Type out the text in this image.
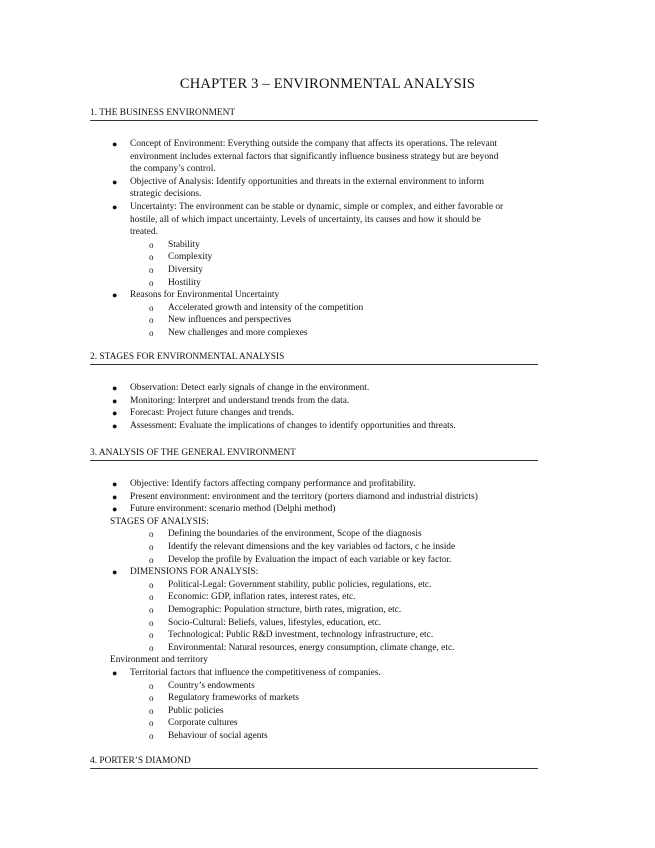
CHAPTER 3 – ENVIRONMENTAL ANALYSIS
1. THE BUSINESS ENVIRONMENT
● Concept of Environment: Everything outside the company that affects its operations. The relevant
environment includes external factors that significantly influence business strategy but are beyond
the company’s control.
● Objective of Analysis: Identify opportunities and threats in the external environment to inform
strategic decisions.
● Uncertainty: The environment can be stable or dynamic, simple or complex, and either favorable or
hostile, all of which impact uncertainty. Levels of uncertainty, its causes and how it should be
treated.
o Stability
o Complexity
o Diversity
o Hostility
● Reasons for Environmental Uncertainty
o Accelerated growth and intensity of the competition
o New influences and perspectives
o New challenges and more complexes
2. STAGES FOR ENVIRONMENTAL ANALYSIS
● Observation: Detect early signals of change in the environment.
● Monitoring: Interpret and understand trends from the data.
● Forecast: Project future changes and trends.
● Assessment: Evaluate the implications of changes to identify opportunities and threats.
3. ANALYSIS OF THE GENERAL ENVIRONMENT
● Objective: Identify factors affecting company performance and profitability.
● Present environment: environment and the territory (porters diamond and industrial districts)
● Future environment: scenario method (Delphi method)
STAGES OF ANALYSIS:
o Defining the boundaries of the environment, Scope of the diagnosis
o Identify the relevant dimensions and the key variables od factors, c he inside
o Develop the profile by Evaluation the impact of each variable or key factor.
● DIMENSIONS FOR ANALYSIS:
o Political-Legal: Government stability, public policies, regulations, etc.
o Economic: GDP, inflation rates, interest rates, etc.
o Demographic: Population structure, birth rates, migration, etc.
o Socio-Cultural: Beliefs, values, lifestyles, education, etc.
o Technological: Public R&D investment, technology infrastructure, etc.
o Environmental: Natural resources, energy consumption, climate change, etc.
Environment and territory
● Territorial factors that influence the competitiveness of companies.
o Country’s endowments
o Regulatory frameworks of markets
o Public policies
o Corporate cultures
o Behaviour of social agents
4. PORTER’S DIAMOND
